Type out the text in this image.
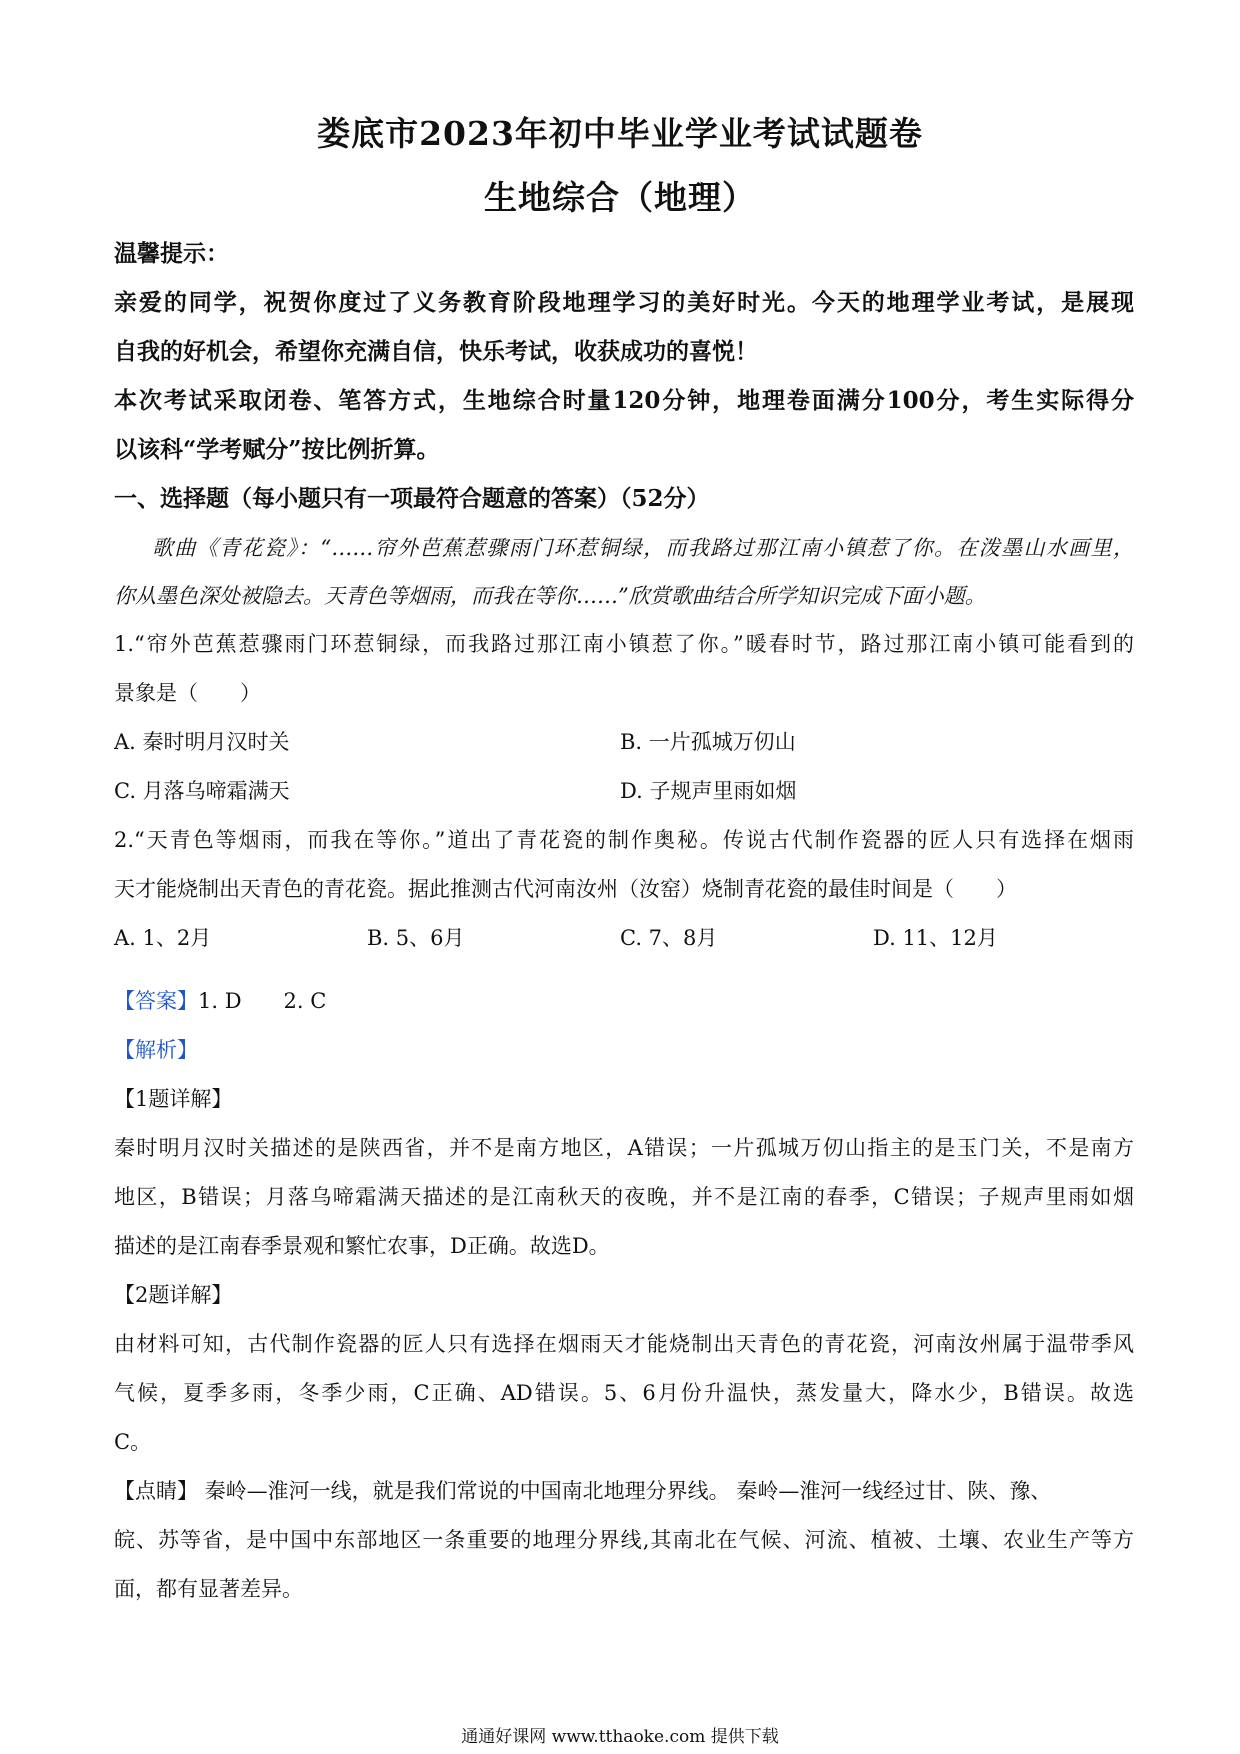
娄底市2023年初中毕业学业考试试题卷
生地综合（地理）
温馨提示：
亲爱的同学，祝贺你度过了义务教育阶段地理学习的美好时光。今天的地理学业考试，是展现
自我的好机会，希望你充满自信，快乐考试，收获成功的喜悦！
本次考试采取闭卷、笔答方式，生地综合时量120分钟，地理卷面满分100分，考生实际得分
以该科“学考赋分”按比例折算。
一、选择题（每小题只有一项最符合题意的答案）（52分）
歌曲《青花瓷》：“……帘外芭蕉惹骤雨门环惹铜绿，而我路过那江南小镇惹了你。在泼墨山水画里，
你从墨色深处被隐去。天青色等烟雨，而我在等你……”欣赏歌曲结合所学知识完成下面小题。
1.“帘外芭蕉惹骤雨门环惹铜绿，而我路过那江南小镇惹了你。”暖春时节，路过那江南小镇可能看到的
景象是（　　）
A. 秦时明月汉时关	B. 一片孤城万仞山
C. 月落乌啼霜满天	D. 子规声里雨如烟
2.“天青色等烟雨，而我在等你。”道出了青花瓷的制作奥秘。传说古代制作瓷器的匠人只有选择在烟雨
天才能烧制出天青色的青花瓷。据此推测古代河南汝州（汝窑）烧制青花瓷的最佳时间是（　　）
A. 1、2月	B. 5、6月	C. 7、8月	D. 11、12月
【答案】1. D　　2. C
【解析】
【1题详解】
秦时明月汉时关描述的是陕西省，并不是南方地区，A错误；一片孤城万仞山指主的是玉门关，不是南方
地区，B错误；月落乌啼霜满天描述的是江南秋天的夜晚，并不是江南的春季，C错误；子规声里雨如烟
描述的是江南春季景观和繁忙农事，D正确。故选D。
【2题详解】
由材料可知，古代制作瓷器的匠人只有选择在烟雨天才能烧制出天青色的青花瓷，河南汝州属于温带季风
气候，夏季多雨，冬季少雨，C正确、AD错误。5、6月份升温快，蒸发量大，降水少，B错误。故选
C。
【点睛】 秦岭—淮河一线，就是我们常说的中国南北地理分界线。 秦岭—淮河一线经过甘、陕、豫、
皖、苏等省，是中国中东部地区一条重要的地理分界线,其南北在气候、河流、植被、土壤、农业生产等方
面，都有显著差异。
通通好课网 www.tthaoke.com 提供下载
